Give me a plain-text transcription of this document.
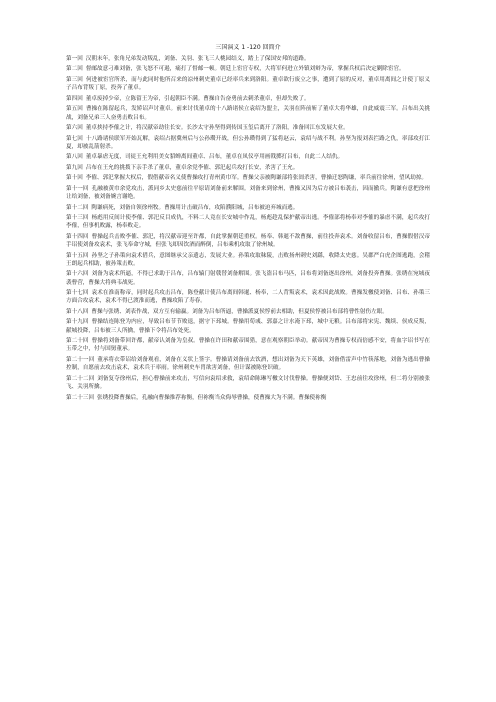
三国演义 1 -120 回简介

第一回 汉朝末年，张角兄弟发动叛乱，刘备、关羽、张飞三人桃园结义，踏上了保国安邦的道路。

第二回 督邮故意刁难刘备，张飞怒不可遏，痛打了督邮一顿。朝廷上宦官专权，大将军何进立外镇刘辩为帝，掌握兵权后决定剿除宦官。

第三回 何进被宦官所杀，而与此同时他所召来的凉州刺史董卓已经率兵来到洛阳。董卓欲行废立之事，遭到了原的反对，董卓用离间之计使丁原义子吕布背叛丁原，投奔了董卓。

第四回 董卓废掉少帝，立陈留王为帝，引起朝臣不满。曹操自告奋勇前去刺杀董卓，但却失败了。

第五回 曹操在陈留起兵，发矫诏声讨董卓。前来讨伐董卓的十八路诸侯立袁绍为盟主，关羽在阵前斩了董卓大将华雄，自此威震三军。吕布出关挑战，刘备兄弟三人奋勇击败吕布。

第六回 董卓挟持李傕之计，将汉献帝劫往长安。长沙太守孙坚得到传国玉玺后离开了洛阳，准备回江东发展大业。

第七回 十八路诸侯联军开始瓦解，袁绍占据冀州后与公孙瓒开战，但公孙瓒得到了猛将赵云，袁绍与战不利。孙坚为报刘表拦路之仇，率部攻打江夏，却被乱箭射杀。

第八回 董卓暴虐无度，司徒王允利用美女貂蝉离间董卓、吕布，董卓在凤仪亭用画戟掷打吕布，自此二人结仇。

第九回 吕布在王允的挑拨下亲手杀了董卓，董卓余党李傕、郭汜起兵攻打长安，杀害了王允。

第十回 李傕、郭汜掌握大权后，假借献帝名义使曹操攻打青州黄巾军。曹操父亲被陶谦部将张闿杀害，曹操迁怒陶谦，率兵前往徐州，望风劫掠。

第十一回 孔融被黄巾余党攻击，派同乡太史慈前往平原请刘备前来解围。刘备来到徐州，曹操又因为后方被吕布袭击，因而撤兵。陶谦有意把徐州让给刘备，被刘备婉言谢绝。

第十二回 陶谦病死，刘备自领徐州牧。曹操用计击破吕布，攻陷濮阳城，吕布被迫弃城而逃。

第十三回 杨彪用反间计使李傕、郭汜反目成仇，不料二人竟在长安城中作乱，杨彪趁乱保护献帝出逃。李傕部将杨奉对李傕的暴虐不满，起兵攻打李傕，但事机败露，杨奉败走。

第十四回 曹操起兵击败李傕、郭汜，将汉献帝迎至许都，自此掌握朝廷重权。杨奉、韩暹不敌曹操，前往投奔袁术。刘备收留吕布，曹操假借汉帝手诏使刘备攻袁术，张飞奉命守城，但张飞却因饮酒而醉倒，吕布乘机攻取了徐州城。

第十五回 孙坚之子孙策向袁术借兵，意图继承父亲遗志，发展大业。孙策攻取秣陵，击败扬州刺史刘繇，收降太史慈。吴郡严白虎企图逃跑，会稽王朗起兵相助，被孙策击败。

第十六回 刘备为袁术所逼，不得已求助于吕布，吕布辕门射戟替刘备解围。张飞盗吕布马匹，吕布将刘备逐出徐州，刘备投奔曹操。张绣在宛城夜袭曹营，曹操大将典韦战死。

第十七回 袁术在淮南称帝，同时起兵攻击吕布，陈登献计使吕布离间韩暹、杨奉，二人背叛袁术，袁术因此战败。曹操发檄使刘备、吕布、孙策三方面合攻袁术，袁术不得已渡淮而逃，曹操攻陷了寿春。

第十八回 曹操与张绣、刘表作战，双方互有输赢。刘备为吕布所逼，曹操派夏侯惇前去相助，但夏侯惇被吕布部将曹性射伤左眼。

第十九回 曹操结连陈登为内应，导致吕布节节败退，据守下邳城。曹操用荀彧、郭嘉之计水淹下邳，城中无粮。吕布部将宋宪、魏续、侯成反叛，献城投降，吕布被三人所擒，曹操下令将吕布处死。

第二十回 曹操将刘备带回许都，献帝认刘备为皇叔。曹操在许田和献帝围猎，意在观察朝臣举动。献帝因为曹操专权而倍感不安，将血字诏书写在玉带之中，付与国舅董承。

第二十一回 董承将衣带诏给刘备观看，刘备在义状上签字。曹操请刘备前去饮酒，想出刘备为天下英雄，刘备借雷声中竹筷落地，刘备为逃出曹操控制，自愿前去攻击袁术，袁术兵于率雨。徐州刺史车胄欲害刘备，但计谋被陈登识破。

第二十二回 刘备复夺徐州后，担心曹操前来攻击，写信向袁绍求救，袁绍命陈琳写檄文讨伐曹操。曹操便刘岱、王忠前往攻徐州，但二将分别被张飞、关羽所擒。

第二十三回 张绣投降曹操后，孔融向曹操推荐祢衡，但祢衡当众侮辱曹操，使曹操大为不满。曹操使祢衡
